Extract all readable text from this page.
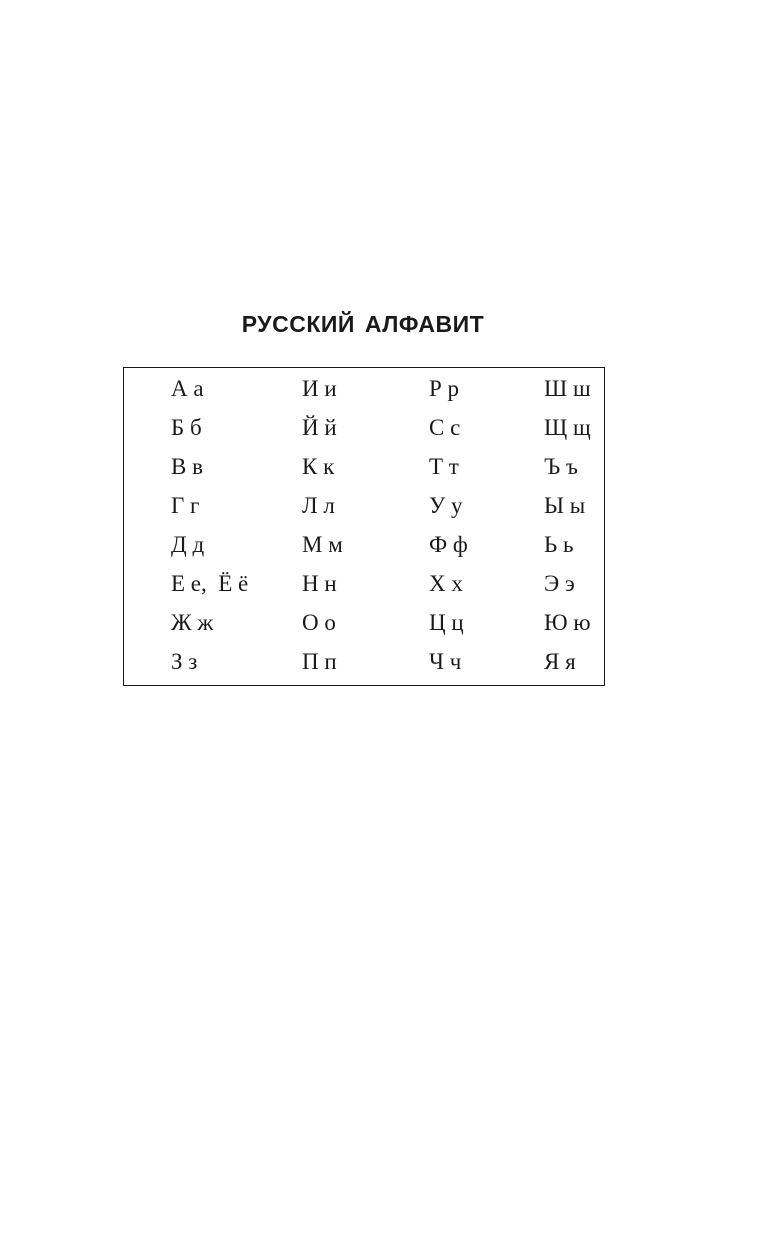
РУССКИЙ АЛФАВИТ
А а
Б б
В в
Г г
Д д
Е е,  Ё ё
Ж ж
З з
И и
Й й
К к
Л л
М м
Н н
О о
П п
Р р
С с
Т т
У у
Ф ф
Х х
Ц ц
Ч ч
Ш ш
Щ щ
Ъ ъ
Ы ы
Ь ь
Э э
Ю ю
Я я
